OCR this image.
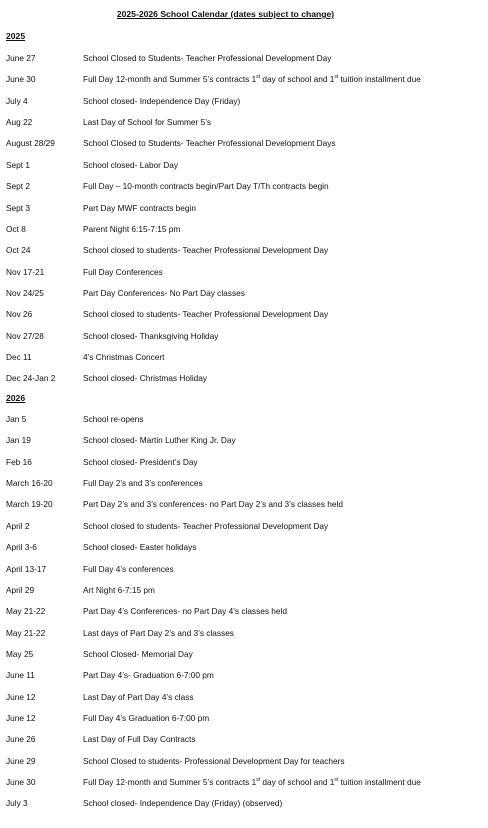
2025-2026 School Calendar (dates subject to change)
2025
June 27	School Closed to Students- Teacher Professional Development Day
June 30	Full Day 12-month and Summer 5’s contracts 1st day of school and 1st tuition installment due
July 4	School closed- Independence Day (Friday)
Aug 22	Last Day of School for Summer 5’s
August 28/29	School Closed to Students- Teacher Professional Development Days
Sept 1	School closed- Labor Day
Sept 2	Full Day – 10-month contracts begin/Part Day T/Th contracts begin
Sept 3	Part Day MWF contracts begin
Oct 8	Parent Night 6:15-7:15 pm
Oct 24	School closed to students- Teacher Professional Development Day
Nov 17-21	Full Day Conferences
Nov 24/25	Part Day Conferences- No Part Day classes
Nov 26	School closed to students- Teacher Professional Development Day
Nov 27/28	School closed- Thanksgiving Holiday
Dec 11	4’s Christmas Concert
Dec 24-Jan 2	School closed- Christmas Holiday
2026
Jan 5	School re-opens
Jan 19	School closed- Martin Luther King Jr. Day
Feb 16	School closed- President’s Day
March 16-20	Full Day 2’s and 3’s conferences
March 19-20	Part Day 2’s and 3’s conferences- no Part Day 2’s and 3’s classes held
April 2	School closed to students- Teacher Professional Development Day
April 3-6	School closed- Easter holidays
April 13-17	Full Day 4’s conferences
April 29	Art Night 6-7:15 pm
May 21-22	Part Day 4’s Conferences- no Part Day 4’s classes held
May 21-22	Last days of Part Day 2’s and 3’s classes
May 25	School Closed- Memorial Day
June 11	Part Day 4’s- Graduation 6-7:00 pm
June 12	Last Day of Part Day 4’s class
June 12	Full Day 4’s Graduation 6-7:00 pm
June 26	Last Day of Full Day Contracts
June 29	School Closed to students- Professional Development Day for teachers
June 30	Full Day 12-month and Summer 5’s contracts 1st day of school and 1st tuition installment due
July 3	School closed- Independence Day (Friday) (observed)
